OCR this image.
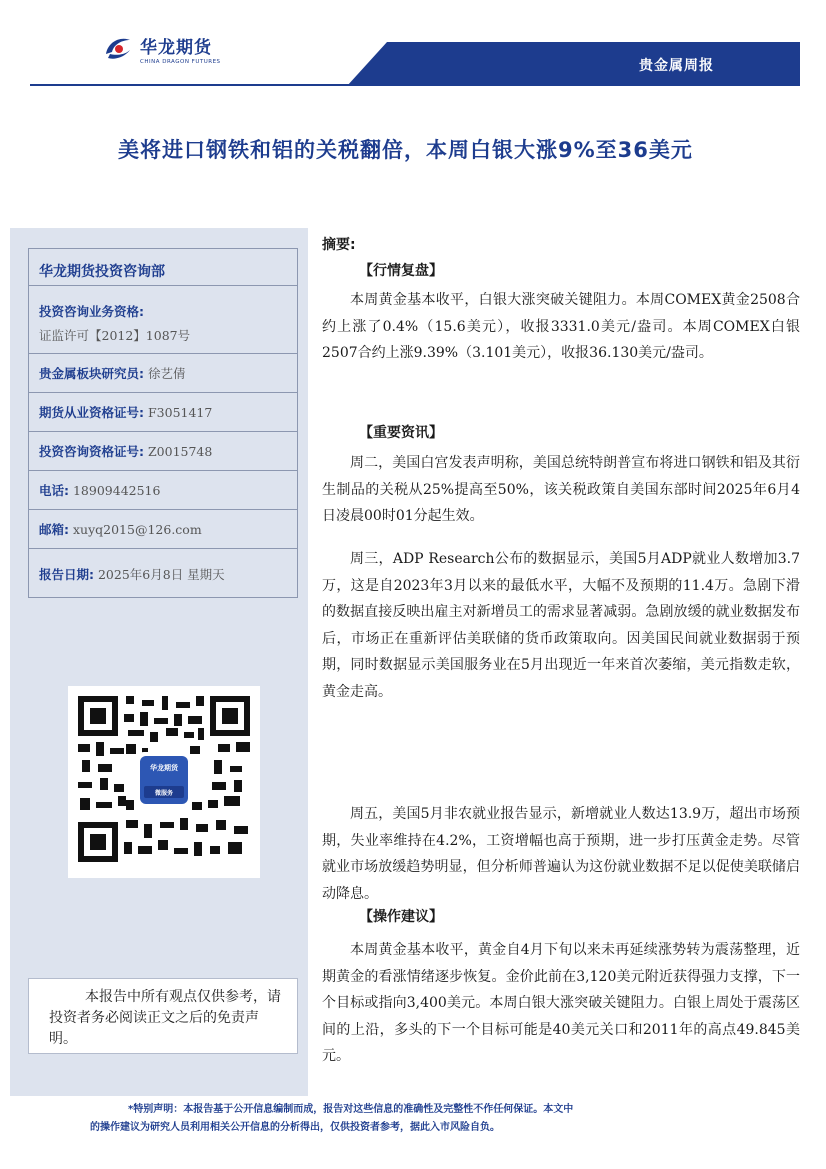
华龙期货
CHINA DRAGON FUTURES	贵金属周报
美将进口钢铁和铝的关税翻倍，本周白银大涨9%至36美元
华龙期货投资咨询部
投资咨询业务资格:
证监许可【2012】1087号
贵金属板块研究员: 徐艺倩
期货从业资格证号: F3051417
投资咨询资格证号: Z0015748
电话: 18909442516
邮箱: xuyq2015@126.com
报告日期: 2025年6月8日 星期天
华龙期货
微服务
本报告中所有观点仅供参考，请投资者务必阅读正文之后的免责声明。
摘要:
【行情复盘】
本周黄金基本收平，白银大涨突破关键阻力。本周COMEX黄金2508合约上涨了0.4%（15.6美元），收报3331.0美元/盎司。本周COMEX白银2507合约上涨9.39%（3.101美元），收报36.130美元/盎司。
【重要资讯】
周二，美国白宫发表声明称，美国总统特朗普宣布将进口钢铁和铝及其衍生制品的关税从25%提高至50%，该关税政策自美国东部时间2025年6月4日凌晨00时01分起生效。
周三，ADP Research公布的数据显示，美国5月ADP就业人数增加3.7万，这是自2023年3月以来的最低水平，大幅不及预期的11.4万。急剧下滑的数据直接反映出雇主对新增员工的需求显著减弱。急剧放缓的就业数据发布后，市场正在重新评估美联储的货币政策取向。因美国民间就业数据弱于预期，同时数据显示美国服务业在5月出现近一年来首次萎缩，美元指数走软，黄金走高。
周五，美国5月非农就业报告显示，新增就业人数达13.9万，超出市场预期，失业率维持在4.2%，工资增幅也高于预期，进一步打压黄金走势。尽管就业市场放缓趋势明显，但分析师普遍认为这份就业数据不足以促使美联储启动降息。
【操作建议】
本周黄金基本收平，黄金自4月下旬以来未再延续涨势转为震荡整理，近期黄金的看涨情绪逐步恢复。金价此前在3,120美元附近获得强力支撑，下一个目标或指向3,400美元。本周白银大涨突破关键阻力。白银上周处于震荡区间的上沿，多头的下一个目标可能是40美元关口和2011年的高点49.845美元。
*特别声明：本报告基于公开信息编制而成，报告对这些信息的准确性及完整性不作任何保证。本文中
的操作建议为研究人员利用相关公开信息的分析得出，仅供投资者参考，据此入市风险自负。
